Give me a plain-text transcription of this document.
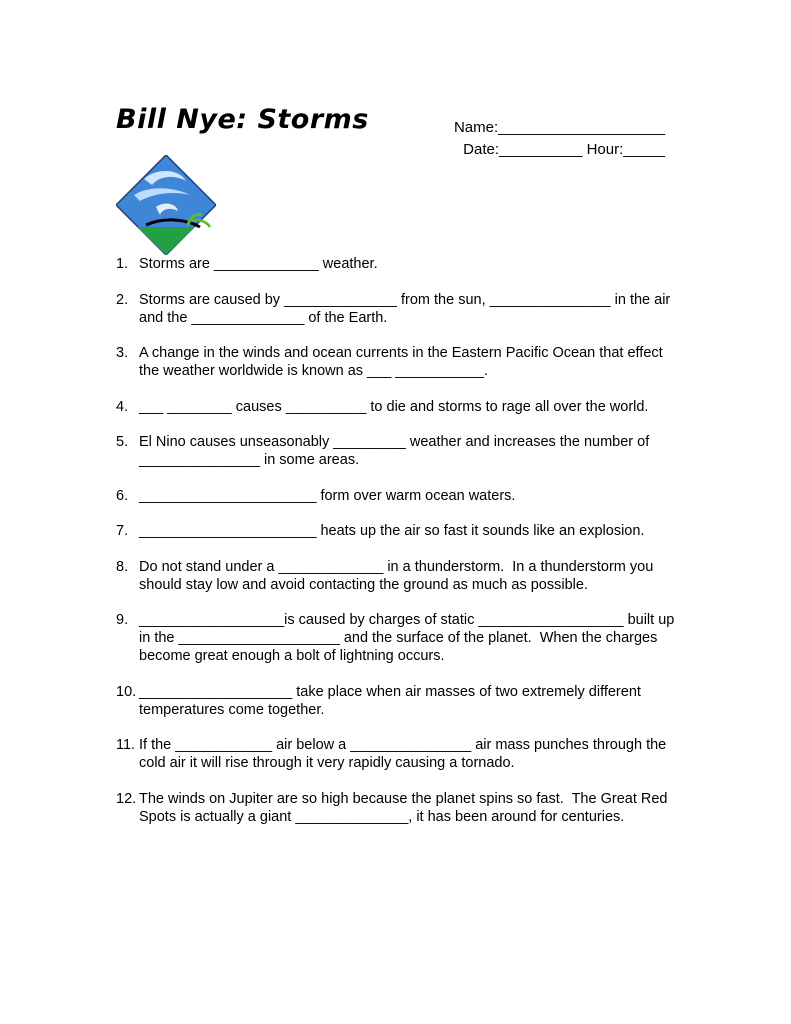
Bill Nye: Storms	Name:____________________
Date:__________ Hour:_____
1. Storms are _____________ weather.
2. Storms are caused by ______________ from the sun, _______________ in the air and the ______________ of the Earth.
3. A change in the winds and ocean currents in the Eastern Pacific Ocean that effect the weather worldwide is known as ___ ___________.
4. ___ ________ causes __________ to die and storms to rage all over the world.
5. El Nino causes unseasonably _________ weather and increases the number of _______________ in some areas.
6. ______________________ form over warm ocean waters.
7. ______________________ heats up the air so fast it sounds like an explosion.
8. Do not stand under a _____________ in a thunderstorm.  In a thunderstorm you should stay low and avoid contacting the ground as much as possible.
9. __________________is caused by charges of static __________________ built up in the ____________________ and the surface of the planet.  When the charges become great enough a bolt of lightning occurs.
10. ___________________ take place when air masses of two extremely different temperatures come together.
11. If the ____________ air below a _______________ air mass punches through the cold air it will rise through it very rapidly causing a tornado.
12. The winds on Jupiter are so high because the planet spins so fast.  The Great Red Spots is actually a giant ______________, it has been around for centuries.
